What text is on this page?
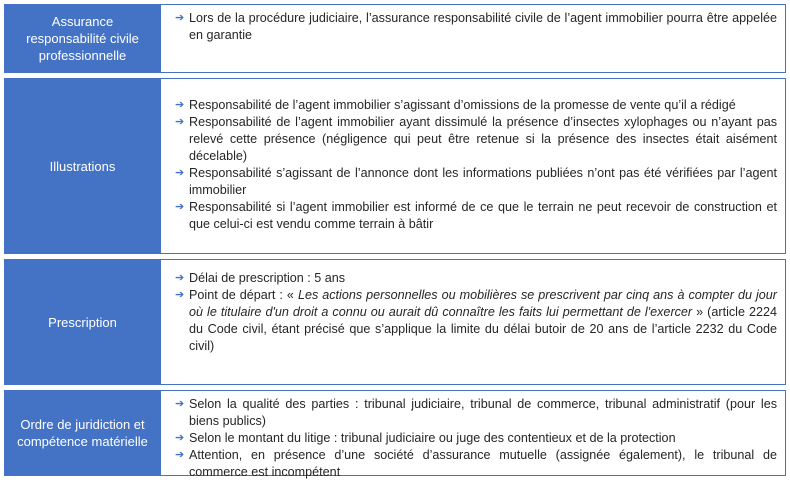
Assurance responsabilité civile professionnelle
➔ Lors de la procédure judiciaire, l’assurance responsabilité civile de l’agent immobilier pourra être appelée en garantie
Illustrations
➔ Responsabilité de l’agent immobilier s’agissant d’omissions de la promesse de vente qu’il a rédigé
➔ Responsabilité de l’agent immobilier ayant dissimulé la présence d’insectes xylophages ou n’ayant pas relevé cette présence (négligence qui peut être retenue si la présence des insectes était aisément décelable)
➔ Responsabilité s’agissant de l’annonce dont les informations publiées n’ont pas été vérifiées par l’agent immobilier
➔ Responsabilité si l’agent immobilier est informé de ce que le terrain ne peut recevoir de construction et que celui-ci est vendu comme terrain à bâtir
Prescription
➔ Délai de prescription : 5 ans
➔ Point de départ : « Les actions personnelles ou mobilières se prescrivent par cinq ans à compter du jour où le titulaire d'un droit a connu ou aurait dû connaître les faits lui permettant de l'exercer » (article 2224 du Code civil, étant précisé que s’applique la limite du délai butoir de 20 ans de l’article 2232 du Code civil)
Ordre de juridiction et compétence matérielle
➔ Selon la qualité des parties : tribunal judiciaire, tribunal de commerce, tribunal administratif (pour les biens publics)
➔ Selon le montant du litige : tribunal judiciaire ou juge des contentieux et de la protection
➔ Attention, en présence d’une société d’assurance mutuelle (assignée également), le tribunal de commerce est incompétent
